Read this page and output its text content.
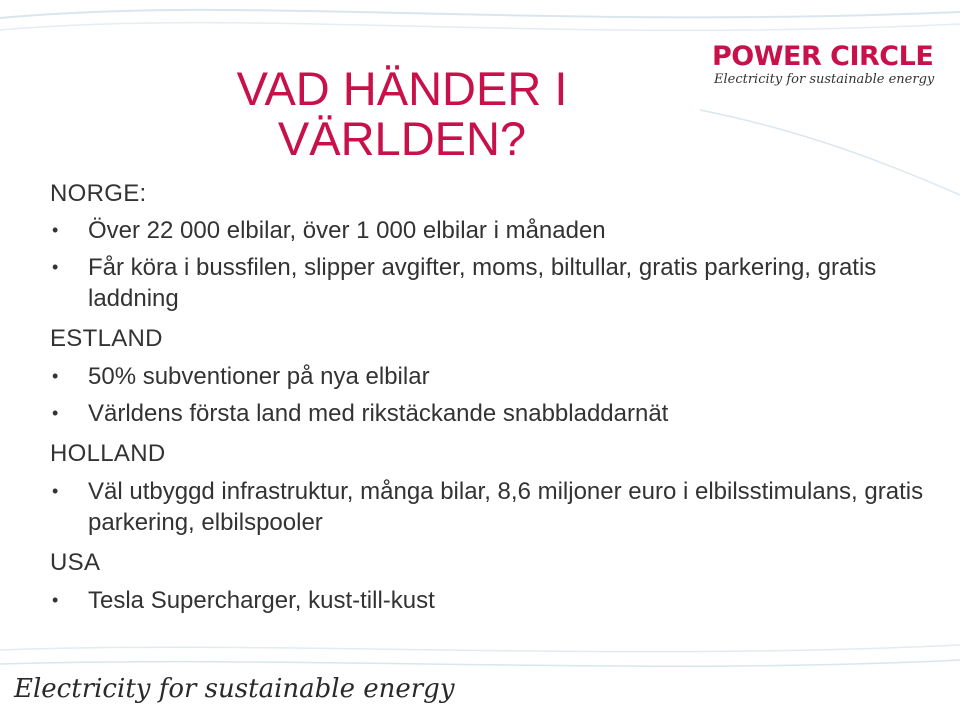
POWER CIRCLE
Electricity for sustainable energy
VAD HÄNDER I VÄRLDEN?
NORGE:
• Över 22 000 elbilar, över 1 000 elbilar i månaden
• Får köra i bussfilen, slipper avgifter, moms, biltullar, gratis parkering, gratis laddning
ESTLAND
• 50% subventioner på nya elbilar
• Världens första land med rikstäckande snabbladdarnät
HOLLAND
• Väl utbyggd infrastruktur, många bilar, 8,6 miljoner euro i elbilsstimulans, gratis parkering, elbilspooler
USA
• Tesla Supercharger, kust-till-kust
Electricity for sustainable energy
